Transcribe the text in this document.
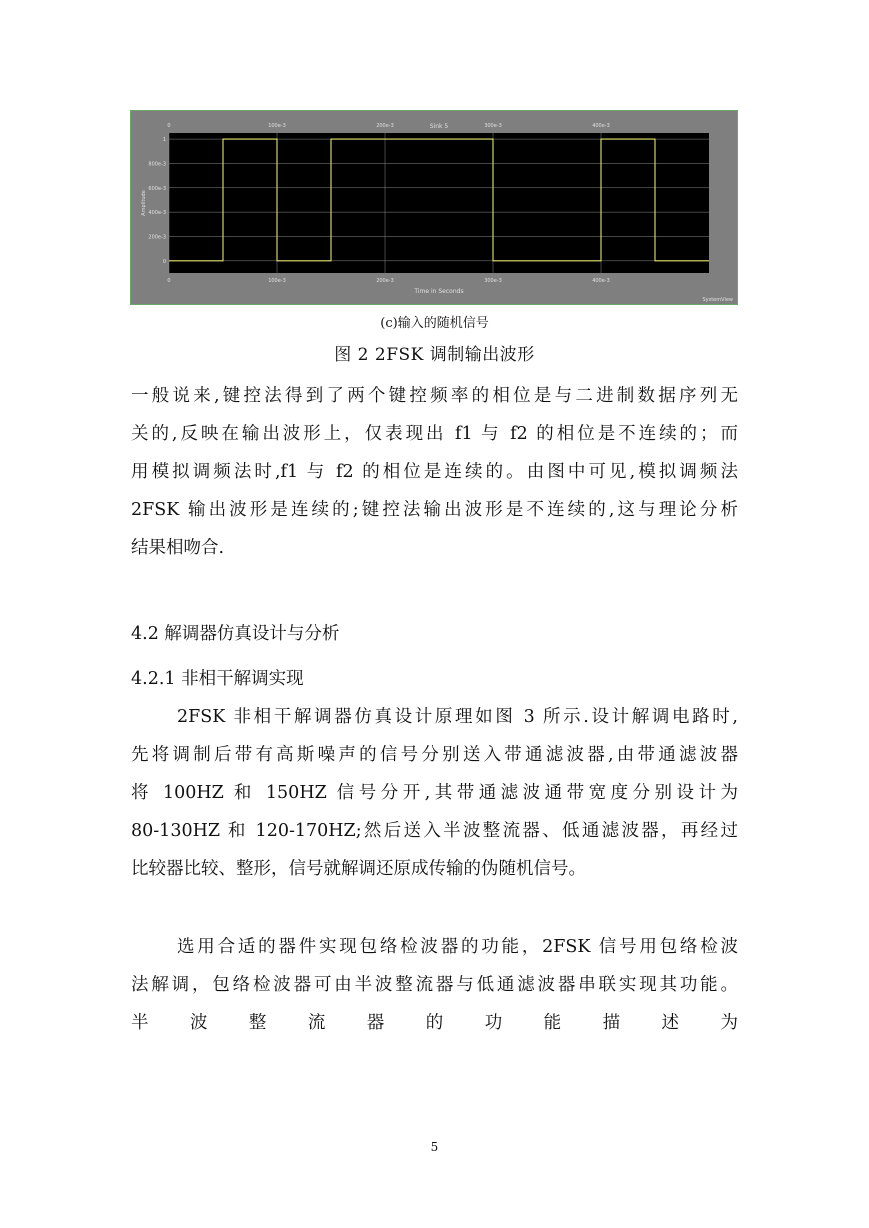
Sink 5
0	100e-3	200e-3	300e-3	400e-3
0	100e-3	200e-3	300e-3	400e-3
0
200e-3
400e-3
600e-3
800e-3
1
Time in Seconds
Amplitude
SystemView
(c)输入的随机信号
图 2 2FSK 调制输出波形

一般说来,键控法得到了两个键控频率的相位是与二进制数据序列无
关的,反映在输出波形上，仅表现出 f1 与 f2 的相位是不连续的；而
用模拟调频法时,f1 与 f2 的相位是连续的。由图中可见,模拟调频法
2FSK 输出波形是连续的;键控法输出波形是不连续的,这与理论分析
结果相吻合.

4.2 解调器仿真设计与分析
4.2.1 非相干解调实现

2FSK 非相干解调器仿真设计原理如图 3 所示.设计解调电路时,
先将调制后带有高斯噪声的信号分别送入带通滤波器,由带通滤波器
将 100HZ 和 150HZ 信号分开,其带通滤波通带宽度分别设计为
80-130HZ 和 120-170HZ;然后送入半波整流器、低通滤波器，再经过
比较器比较、整形，信号就解调还原成传输的伪随机信号。

选用合适的器件实现包络检波器的功能，2FSK 信号用包络检波
法解调，包络检波器可由半波整流器与低通滤波器串联实现其功能。
半 波 整 流 器 的 功 能 描 述 为

5
